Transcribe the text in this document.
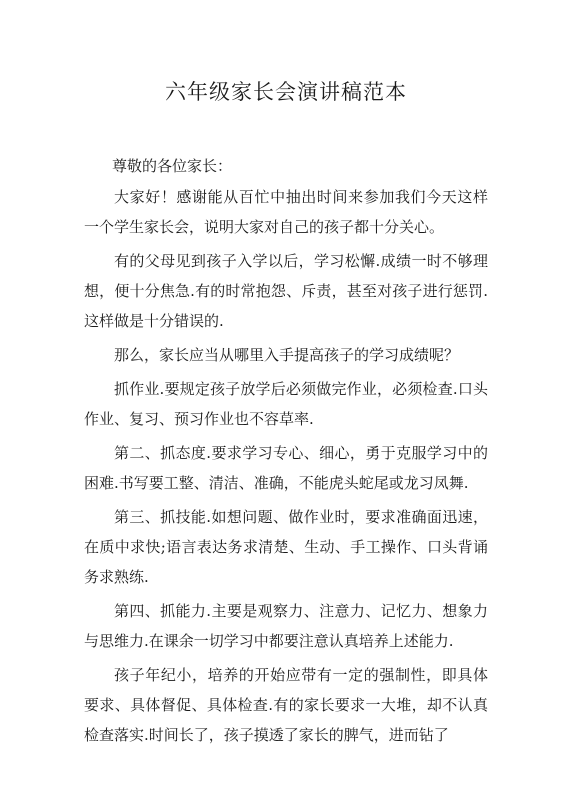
六年级家长会演讲稿范本

尊敬的各位家长：

大家好！感谢能从百忙中抽出时间来参加我们今天这样一个学生家长会，说明大家对自己的孩子都十分关心。

有的父母见到孩子入学以后，学习松懈.成绩一时不够理想，便十分焦急.有的时常抱怨、斥责，甚至对孩子进行惩罚.这样做是十分错误的.

那么，家长应当从哪里入手提高孩子的学习成绩呢？

抓作业.要规定孩子放学后必须做完作业，必须检查.口头作业、复习、预习作业也不容草率.

第二、抓态度.要求学习专心、细心，勇于克服学习中的困难.书写要工整、清洁、准确，不能虎头蛇尾或龙习凤舞.

第三、抓技能.如想问题、做作业时，要求准确面迅速，在质中求快;语言表达务求清楚、生动、手工操作、口头背诵务求熟练.

第四、抓能力.主要是观察力、注意力、记忆力、想象力与思维力.在课余一切学习中都要注意认真培养上述能力.

孩子年纪小，培养的开始应带有一定的强制性，即具体要求、具体督促、具体检查.有的家长要求一大堆，却不认真检查落实.时间长了，孩子摸透了家长的脾气，进而钻了
